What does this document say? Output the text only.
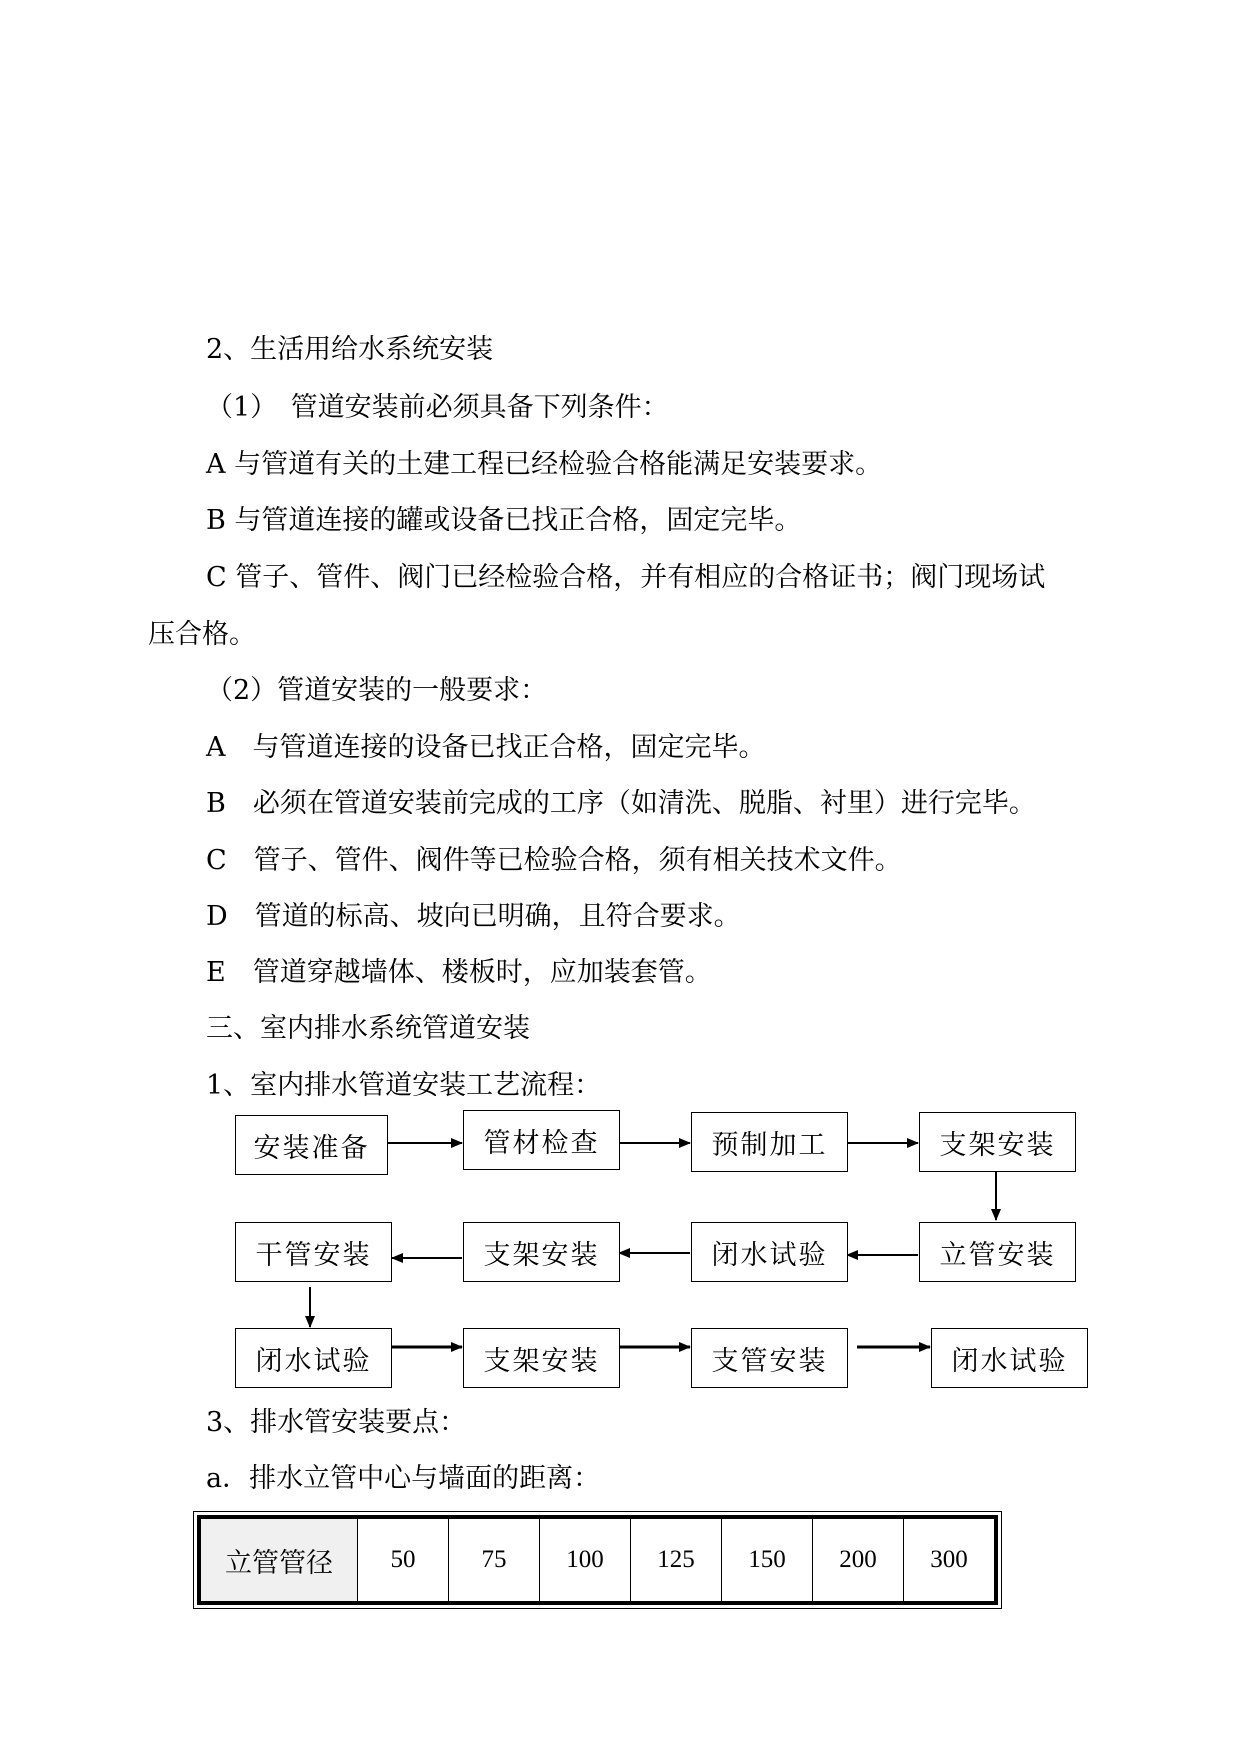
2、生活用给水系统安装
（1）　管道安装前必须具备下列条件：
A 与管道有关的土建工程已经检验合格能满足安装要求。
B 与管道连接的罐或设备已找正合格，固定完毕。
C 管子、管件、阀门已经检验合格，并有相应的合格证书；阀门现场试
压合格。
（2）管道安装的一般要求：
A　与管道连接的设备已找正合格，固定完毕。
B　必须在管道安装前完成的工序（如清洗、脱脂、衬里）进行完毕。
C　管子、管件、阀件等已检验合格，须有相关技术文件。
D　管道的标高、坡向已明确，且符合要求。
E　管道穿越墙体、楼板时，应加装套管。
三、室内排水系统管道安装
1、室内排水管道安装工艺流程：
安装准备	管材检查	预制加工	支架安装
干管安装	支架安装	闭水试验	立管安装
闭水试验	支架安装	支管安装	闭水试验
3、排水管安装要点：
a．排水立管中心与墙面的距离：
立管管径	50	75	100	125	150	200	300
